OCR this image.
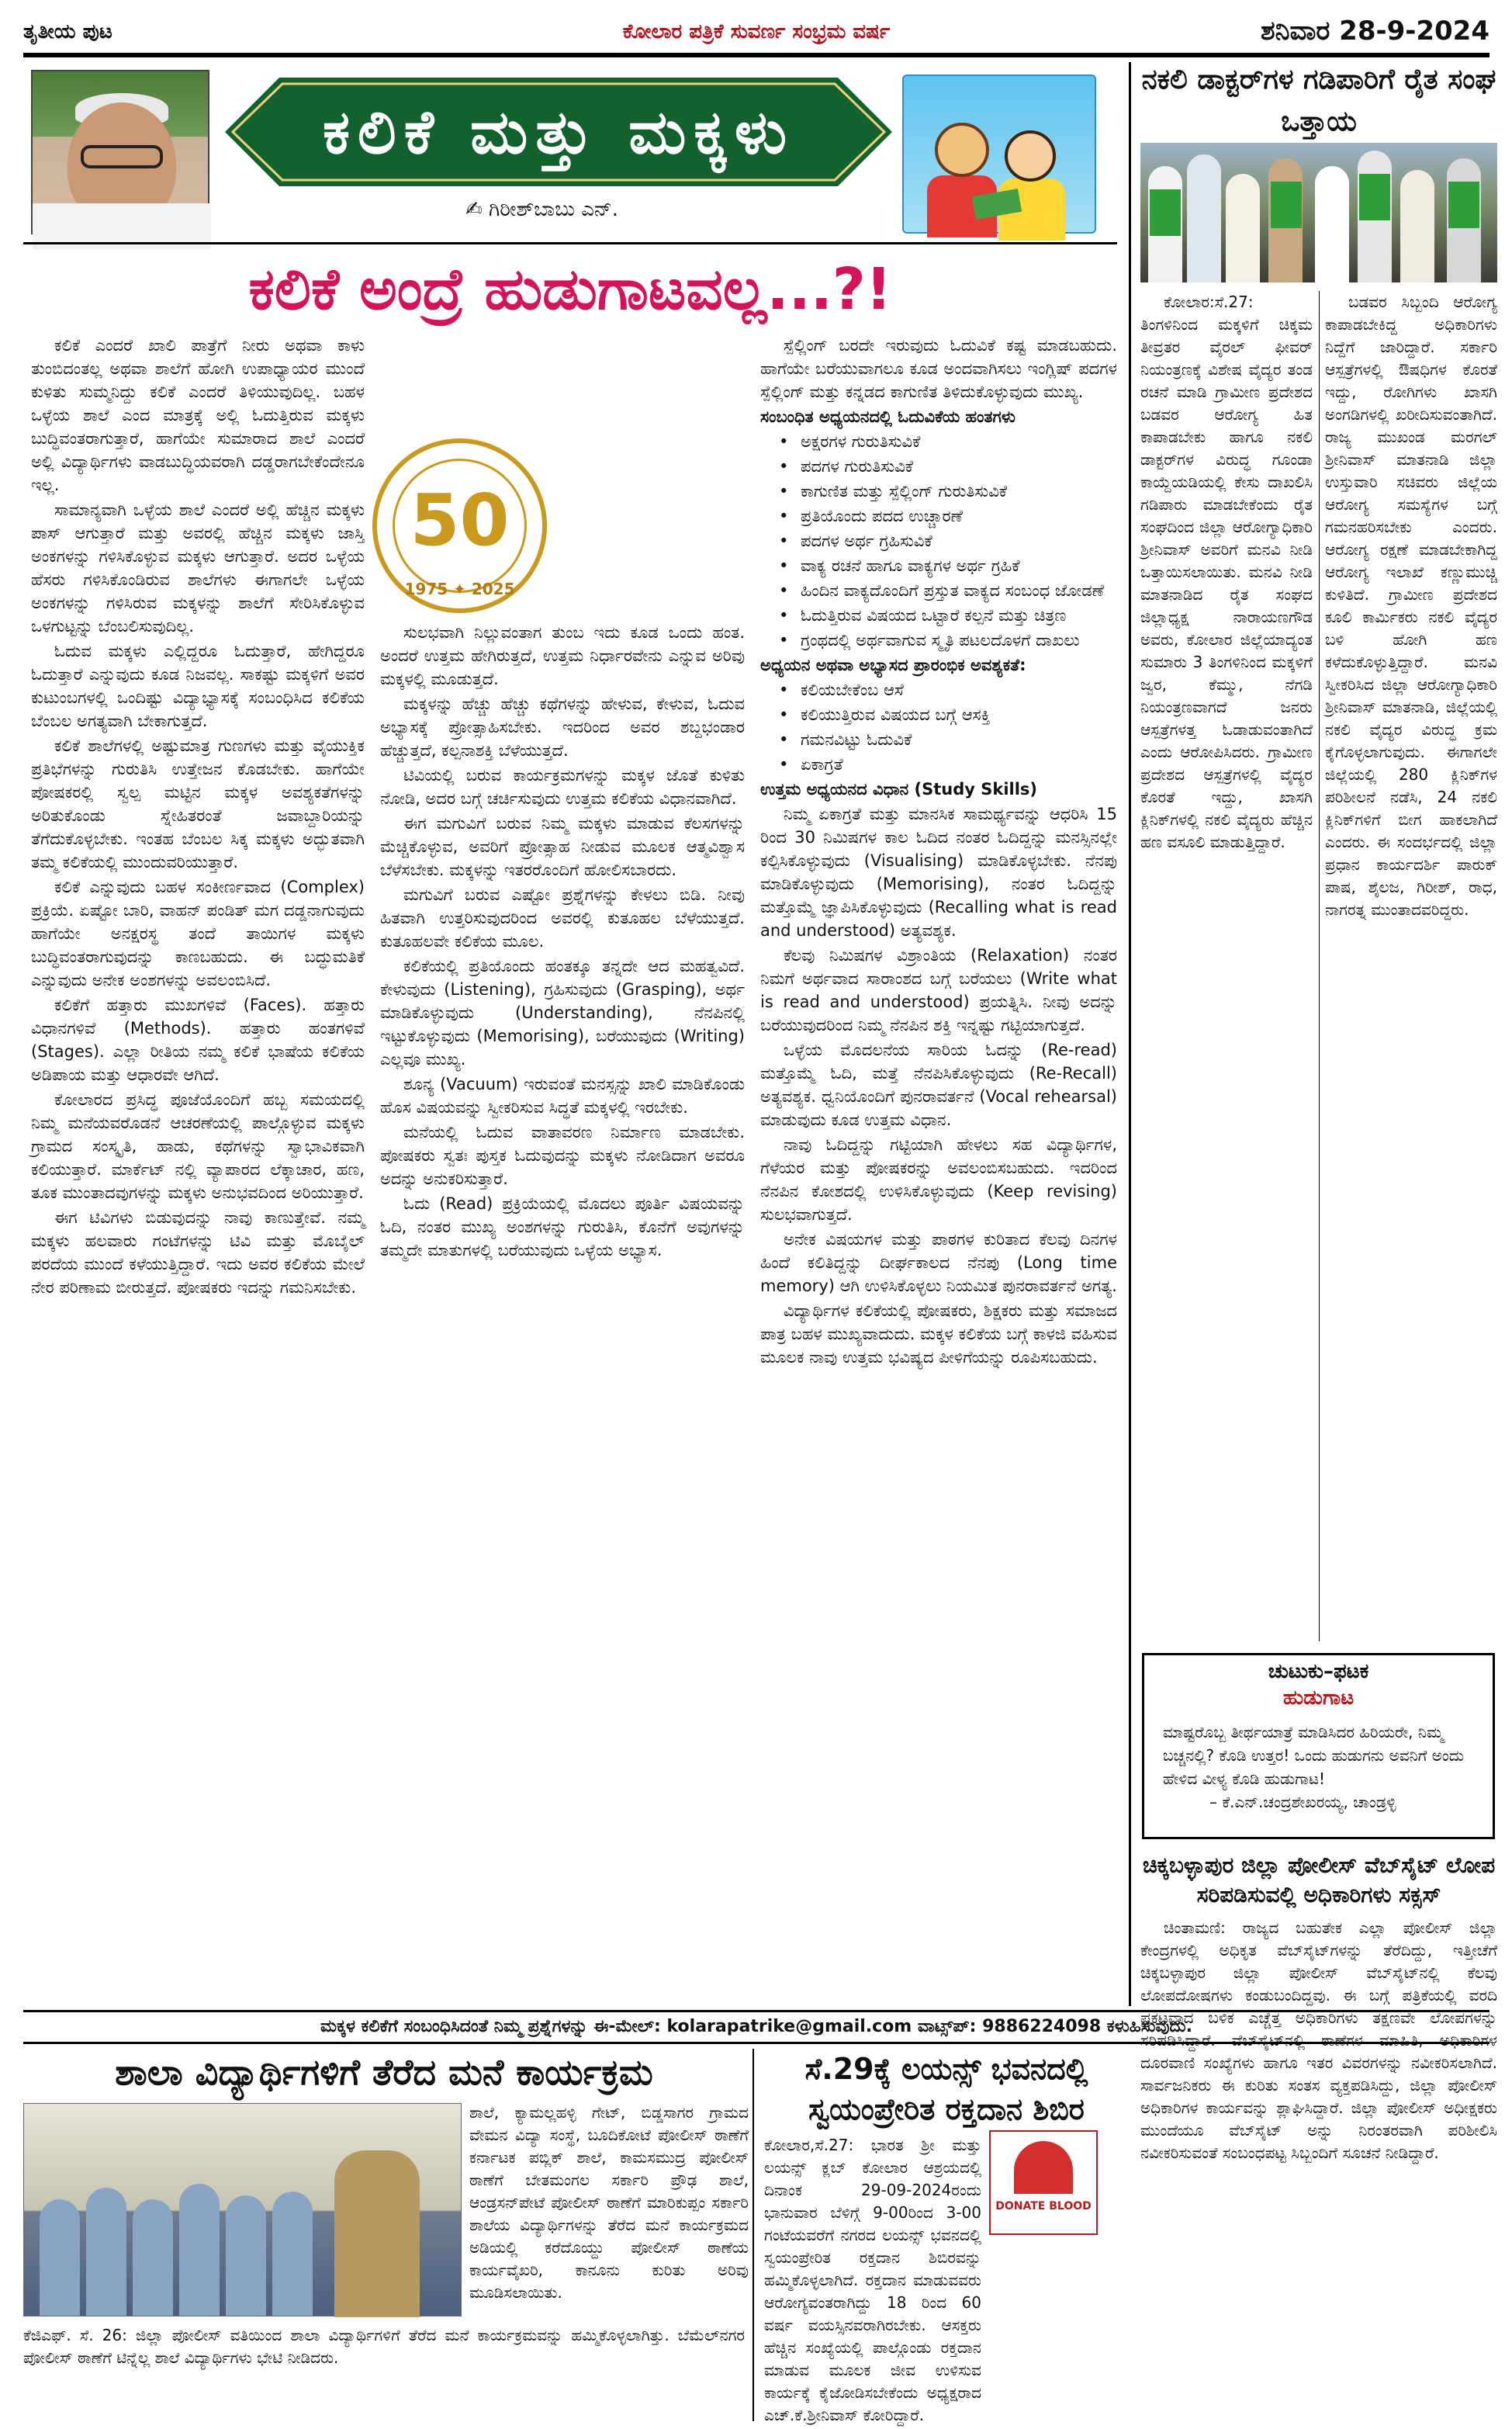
ತೃತೀಯ ಪುಟ	ಕೋಲಾರ ಪತ್ರಿಕೆ ಸುವರ್ಣ ಸಂಭ್ರಮ ವರ್ಷ	ಶನಿವಾರ 28-9-2024
ಕಲಿಕೆ ಮತ್ತು ಮಕ್ಕಳು
✍ ಗಿರೀಶ್‌ಬಾಬು ಎನ್.
ಕಲಿಕೆ ಅಂದ್ರೆ ಹುಡುಗಾಟವಲ್ಲ...?!

ಕಲಿಕೆ ಎಂದರೆ ಖಾಲಿ ಪಾತ್ರೆಗೆ ನೀರು ಅಥವಾ ಕಾಳು ತುಂಬಿದಂತಲ್ಲ ಅಥವಾ ಶಾಲೆಗೆ ಹೋಗಿ ಉಪಾಧ್ಯಾಯರ ಮುಂದೆ ಕುಳಿತು ಸುಮ್ಮನಿದ್ದು ಕಲಿಕೆ ಎಂದರೆ ತಿಳಿಯುವುದಿಲ್ಲ. ಬಹಳ ಒಳ್ಳೆಯ ಶಾಲೆ ಎಂದ ಮಾತ್ರಕ್ಕೆ ಅಲ್ಲಿ ಓದುತ್ತಿರುವ ಮಕ್ಕಳು ಬುದ್ಧಿವಂತರಾಗುತ್ತಾರೆ, ಹಾಗೆಯೇ ಸುಮಾರಾದ ಶಾಲೆ ಎಂದರೆ ಅಲ್ಲಿ ವಿದ್ಯಾರ್ಥಿಗಳು ವಾಡಬುದ್ಧಿಯವರಾಗಿ ದಡ್ಡರಾಗಬೇಕೆಂದೇನೂ ಇಲ್ಲ.

ಸಾಮಾನ್ಯವಾಗಿ ಒಳ್ಳೆಯ ಶಾಲೆ ಎಂದರೆ ಅಲ್ಲಿ ಹೆಚ್ಚಿನ ಮಕ್ಕಳು ಪಾಸ್ ಆಗುತ್ತಾರೆ ಮತ್ತು ಅವರಲ್ಲಿ ಹೆಚ್ಚಿನ ಮಕ್ಕಳು ಜಾಸ್ತಿ ಅಂಕಗಳನ್ನು ಗಳಿಸಿಕೊಳ್ಳುವ ಮಕ್ಕಳು ಆಗುತ್ತಾರೆ. ಅದರ ಒಳ್ಳೆಯ ಹೆಸರು ಗಳಿಸಿಕೊಂಡಿರುವ ಶಾಲೆಗಳು ಈಗಾಗಲೇ ಒಳ್ಳೆಯ ಅಂಕಗಳನ್ನು ಗಳಿಸಿರುವ ಮಕ್ಕಳನ್ನು ಶಾಲೆಗೆ ಸೇರಿಸಿಕೊಳ್ಳುವ ಒಳಗುಟ್ಟನ್ನು ಬೆಂಬಲಿಸುವುದಿಲ್ಲ.

ಓದುವ ಮಕ್ಕಳು ಎಲ್ಲಿದ್ದರೂ ಓದುತ್ತಾರೆ, ಹೇಗಿದ್ದರೂ ಓದುತ್ತಾರೆ ಎನ್ನುವುದು ಕೂಡ ನಿಜವಲ್ಲ. ಸಾಕಷ್ಟು ಮಕ್ಕಳಿಗೆ ಅವರ ಕುಟುಂಬಗಳಲ್ಲಿ ಒಂದಿಷ್ಟು ವಿದ್ಯಾಭ್ಯಾಸಕ್ಕೆ ಸಂಬಂಧಿಸಿದ ಕಲಿಕೆಯ ಬೆಂಬಲ ಅಗತ್ಯವಾಗಿ ಬೇಕಾಗುತ್ತದೆ.

ಕಲಿಕೆ ಶಾಲೆಗಳಲ್ಲಿ ಅಷ್ಟುಮಾತ್ರ ಗುಣಗಳು ಮತ್ತು ವೈಯುಕ್ತಿಕ ಪ್ರತಿಭೆಗಳನ್ನು ಗುರುತಿಸಿ ಉತ್ತೇಜನ ಕೊಡಬೇಕು. ಹಾಗೆಯೇ ಪೋಷಕರಲ್ಲಿ ಸ್ವಲ್ಪ ಮಟ್ಟಿನ ಮಕ್ಕಳ ಅವಶ್ಯಕತೆಗಳನ್ನು ಅರಿತುಕೊಂಡು ಸ್ನೇಹಿತರಂತೆ ಜವಾಬ್ದಾರಿಯನ್ನು ತೆಗೆದುಕೊಳ್ಳಬೇಕು. ಇಂತಹ ಬೆಂಬಲ ಸಿಕ್ಕ ಮಕ್ಕಳು ಅದ್ಭುತವಾಗಿ ತಮ್ಮ ಕಲಿಕೆಯಲ್ಲಿ ಮುಂದುವರಿಯುತ್ತಾರೆ.

ಕಲಿಕೆ ಎನ್ನುವುದು ಬಹಳ ಸಂಕೀರ್ಣವಾದ (Complex) ಪ್ರಕ್ರಿಯೆ. ಏಷ್ಟೋ ಬಾರಿ, ವಾಹನ್ ಪಂಡಿತ್ ಮಗ ದಡ್ಡನಾಗುವುದು ಹಾಗೆಯೇ ಅನಕ್ಷರಸ್ಥ ತಂದೆ ತಾಯಿಗಳ ಮಕ್ಕಳು ಬುದ್ಧಿವಂತರಾಗುವುದನ್ನು ಕಾಣಬಹುದು. ಈ ಬದ್ಧುಮತಿಕೆ ಎನ್ನುವುದು ಅನೇಕ ಅಂಶಗಳನ್ನು ಅವಲಂಬಿಸಿದೆ.

ಕಲಿಕೆಗೆ ಹತ್ತಾರು ಮುಖಗಳಿವೆ (Faces). ಹತ್ತಾರು ವಿಧಾನಗಳಿವೆ (Methods). ಹತ್ತಾರು ಹಂತಗಳಿವೆ (Stages). ಎಲ್ಲಾ ರೀತಿಯ ನಮ್ಮ ಕಲಿಕೆ ಭಾಷೆಯ ಕಲಿಕೆಯ ಅಡಿಪಾಯ ಮತ್ತು ಆಧಾರವೇ ಆಗಿದೆ.

ಕೋಲಾರದ ಪ್ರಸಿದ್ಧ ಪೂಜೆಯೊಂದಿಗೆ ಹಬ್ಬ ಸಮಯದಲ್ಲಿ ನಿಮ್ಮ ಮನೆಯವರೊಡನೆ ಆಚರಣೆಯಲ್ಲಿ ಪಾಲ್ಗೊಳ್ಳುವ ಮಕ್ಕಳು ಗ್ರಾಮದ ಸಂಸ್ಕೃತಿ, ಹಾಡು, ಕಥೆಗಳನ್ನು ಸ್ವಾಭಾವಿಕವಾಗಿ ಕಲಿಯುತ್ತಾರೆ. ಮಾರ್ಕೆಟ್ ನಲ್ಲಿ ವ್ಯಾಪಾರದ ಲೆಕ್ಕಾಚಾರ, ಹಣ, ತೂಕ ಮುಂತಾದವುಗಳನ್ನು ಮಕ್ಕಳು ಅನುಭವದಿಂದ ಅರಿಯುತ್ತಾರೆ.

ಈಗ ಟಿವಿಗಳು ಬಿಡುವುದನ್ನು ನಾವು ಕಾಣುತ್ತೇವೆ. ನಮ್ಮ ಮಕ್ಕಳು ಹಲವಾರು ಗಂಟೆಗಳನ್ನು ಟಿವಿ ಮತ್ತು ಮೊಬೈಲ್ ಪರದೆಯ ಮುಂದೆ ಕಳೆಯುತ್ತಿದ್ದಾರೆ. ಇದು ಅವರ ಕಲಿಕೆಯ ಮೇಲೆ ನೇರ ಪರಿಣಾಮ ಬೀರುತ್ತದೆ. ಪೋಷಕರು ಇದನ್ನು ಗಮನಿಸಬೇಕು.

50
1975 ✦ 2025

ಸುಲಭವಾಗಿ ನಿಲ್ಲುವಂತಾಗ ತುಂಬ ಇದು ಕೂಡ ಒಂದು ಹಂತ. ಅಂದರೆ ಉತ್ತಮ ಹೇಗಿರುತ್ತದೆ, ಉತ್ತಮ ನಿರ್ಧಾರವೇನು ಎನ್ನುವ ಅರಿವು ಮಕ್ಕಳಲ್ಲಿ ಮೂಡುತ್ತದೆ.

ಮಕ್ಕಳನ್ನು ಹೆಚ್ಚು ಹೆಚ್ಚು ಕಥೆಗಳನ್ನು ಹೇಳುವ, ಕೇಳುವ, ಓದುವ ಅಭ್ಯಾಸಕ್ಕೆ ಪ್ರೋತ್ಸಾಹಿಸಬೇಕು. ಇದರಿಂದ ಅವರ ಶಬ್ದಭಂಡಾರ ಹೆಚ್ಚುತ್ತದೆ, ಕಲ್ಪನಾಶಕ್ತಿ ಬೆಳೆಯುತ್ತದೆ.

ಟಿವಿಯಲ್ಲಿ ಬರುವ ಕಾರ್ಯಕ್ರಮಗಳನ್ನು ಮಕ್ಕಳ ಜೊತೆ ಕುಳಿತು ನೋಡಿ, ಅದರ ಬಗ್ಗೆ ಚರ್ಚಿಸುವುದು ಉತ್ತಮ ಕಲಿಕೆಯ ವಿಧಾನವಾಗಿದೆ.

ಈಗ ಮಗುವಿಗೆ ಬರುವ ನಿಮ್ಮ ಮಕ್ಕಳು ಮಾಡುವ ಕೆಲಸಗಳನ್ನು ಮೆಚ್ಚಿಕೊಳ್ಳುವ, ಅವರಿಗೆ ಪ್ರೋತ್ಸಾಹ ನೀಡುವ ಮೂಲಕ ಆತ್ಮವಿಶ್ವಾಸ ಬೆಳೆಸಬೇಕು. ಮಕ್ಕಳನ್ನು ಇತರರೊಂದಿಗೆ ಹೋಲಿಸಬಾರದು.

ಮಗುವಿಗೆ ಬರುವ ಎಷ್ಟೋ ಪ್ರಶ್ನೆಗಳನ್ನು ಕೇಳಲು ಬಿಡಿ. ನೀವು ಹಿತವಾಗಿ ಉತ್ತರಿಸುವುದರಿಂದ ಅವರಲ್ಲಿ ಕುತೂಹಲ ಬೆಳೆಯುತ್ತದೆ. ಕುತೂಹಲವೇ ಕಲಿಕೆಯ ಮೂಲ.

ಕಲಿಕೆಯಲ್ಲಿ ಪ್ರತಿಯೊಂದು ಹಂತಕ್ಕೂ ತನ್ನದೇ ಆದ ಮಹತ್ವವಿದೆ. ಕೇಳುವುದು (Listening), ಗ್ರಹಿಸುವುದು (Grasping), ಅರ್ಥ ಮಾಡಿಕೊಳ್ಳುವುದು (Understanding), ನೆನಪಿನಲ್ಲಿ ಇಟ್ಟುಕೊಳ್ಳುವುದು (Memorising), ಬರೆಯುವುದು (Writing) ಎಲ್ಲವೂ ಮುಖ್ಯ.

ಶೂನ್ಯ (Vacuum) ಇರುವಂತೆ ಮನಸ್ಸನ್ನು ಖಾಲಿ ಮಾಡಿಕೊಂಡು ಹೊಸ ವಿಷಯವನ್ನು ಸ್ವೀಕರಿಸುವ ಸಿದ್ಧತೆ ಮಕ್ಕಳಲ್ಲಿ ಇರಬೇಕು.

ಮನೆಯಲ್ಲಿ ಓದುವ ವಾತಾವರಣ ನಿರ್ಮಾಣ ಮಾಡಬೇಕು. ಪೋಷಕರು ಸ್ವತಃ ಪುಸ್ತಕ ಓದುವುದನ್ನು ಮಕ್ಕಳು ನೋಡಿದಾಗ ಅವರೂ ಅದನ್ನು ಅನುಕರಿಸುತ್ತಾರೆ.

ಓದು (Read) ಪ್ರಕ್ರಿಯೆಯಲ್ಲಿ ಮೊದಲು ಪೂರ್ತಿ ವಿಷಯವನ್ನು ಓದಿ, ನಂತರ ಮುಖ್ಯ ಅಂಶಗಳನ್ನು ಗುರುತಿಸಿ, ಕೊನೆಗೆ ಅವುಗಳನ್ನು ತಮ್ಮದೇ ಮಾತುಗಳಲ್ಲಿ ಬರೆಯುವುದು ಒಳ್ಳೆಯ ಅಭ್ಯಾಸ.

ಸ್ಪೆಲ್ಲಿಂಗ್ ಬರದೇ ಇರುವುದು ಓದುವಿಕೆ ಕಷ್ಟ ಮಾಡಬಹುದು. ಹಾಗೆಯೇ ಬರೆಯುವಾಗಲೂ ಕೂಡ ಅಂದವಾಗಿಸಲು ಇಂಗ್ಲಿಷ್ ಪದಗಳ ಸ್ಪೆಲ್ಲಿಂಗ್ ಮತ್ತು ಕನ್ನಡದ ಕಾಗುಣಿತ ತಿಳಿದುಕೊಳ್ಳುವುದು ಮುಖ್ಯ.

ಸಂಬಂಧಿತ ಅಧ್ಯಯನದಲ್ಲಿ ಓದುವಿಕೆಯ ಹಂತಗಳು

• ಅಕ್ಷರಗಳ ಗುರುತಿಸುವಿಕೆ

• ಪದಗಳ ಗುರುತಿಸುವಿಕೆ

• ಕಾಗುಣಿತ ಮತ್ತು ಸ್ಪೆಲ್ಲಿಂಗ್ ಗುರುತಿಸುವಿಕೆ

• ಪ್ರತಿಯೊಂದು ಪದದ ಉಚ್ಚಾರಣೆ

• ಪದಗಳ ಅರ್ಥ ಗ್ರಹಿಸುವಿಕೆ

• ವಾಕ್ಯ ರಚನೆ ಹಾಗೂ ವಾಕ್ಯಗಳ ಅರ್ಥ ಗ್ರಹಿಕೆ

• ಹಿಂದಿನ ವಾಕ್ಯದೊಂದಿಗೆ ಪ್ರಸ್ತುತ ವಾಕ್ಯದ ಸಂಬಂಧ ಜೋಡಣೆ

• ಓದುತ್ತಿರುವ ವಿಷಯದ ಒಟ್ಟಾರೆ ಕಲ್ಪನೆ ಮತ್ತು ಚಿತ್ರಣ

• ಗ್ರಂಥದಲ್ಲಿ ಅರ್ಥವಾಗುವ ಸ್ಮೃತಿ ಪಟಲದೊಳಗೆ ದಾಖಲು

ಅಧ್ಯಯನ ಅಥವಾ ಅಭ್ಯಾಸದ ಪ್ರಾರಂಭಿಕ ಅವಶ್ಯಕತೆ:

• ಕಲಿಯಬೇಕೆಂಬ ಆಸೆ

• ಕಲಿಯುತ್ತಿರುವ ವಿಷಯದ ಬಗ್ಗೆ ಆಸಕ್ತಿ

• ಗಮನವಿಟ್ಟು ಓದುವಿಕೆ

• ಏಕಾಗ್ರತೆ

ಉತ್ತಮ ಅಧ್ಯಯನದ ವಿಧಾನ (Study Skills)

ನಿಮ್ಮ ಏಕಾಗ್ರತೆ ಮತ್ತು ಮಾನಸಿಕ ಸಾಮರ್ಥ್ಯವನ್ನು ಆಧರಿಸಿ 15 ರಿಂದ 30 ನಿಮಿಷಗಳ ಕಾಲ ಓದಿದ ನಂತರ ಓದಿದ್ದನ್ನು ಮನಸ್ಸಿನಲ್ಲೇ ಕಲ್ಪಿಸಿಕೊಳ್ಳುವುದು (Visualising) ಮಾಡಿಕೊಳ್ಳಬೇಕು. ನೆನಪು ಮಾಡಿಕೊಳ್ಳುವುದು (Memorising), ನಂತರ ಓದಿದ್ದನ್ನು ಮತ್ತೊಮ್ಮೆ ಜ್ಞಾಪಿಸಿಕೊಳ್ಳುವುದು (Recalling what is read and understood) ಅತ್ಯವಶ್ಯಕ.

ಕೆಲವು ನಿಮಿಷಗಳ ವಿಶ್ರಾಂತಿಯ (Relaxation) ನಂತರ ನಿಮಗೆ ಅರ್ಥವಾದ ಸಾರಾಂಶದ ಬಗ್ಗೆ ಬರೆಯಲು (Write what is read and understood) ಪ್ರಯತ್ನಿಸಿ. ನೀವು ಅದನ್ನು ಬರೆಯುವುದರಿಂದ ನಿಮ್ಮ ನೆನಪಿನ ಶಕ್ತಿ ಇನ್ನಷ್ಟು ಗಟ್ಟಿಯಾಗುತ್ತದೆ.

ಒಳ್ಳೆಯ ಮೊದಲನೆಯ ಸಾರಿಯ ಓದನ್ನು (Re-read) ಮತ್ತೊಮ್ಮೆ ಓದಿ, ಮತ್ತೆ ನೆನಪಿಸಿಕೊಳ್ಳುವುದು (Re-Recall) ಅತ್ಯವಶ್ಯಕ. ಧ್ವನಿಯೊಂದಿಗೆ ಪುನರಾವರ್ತನೆ (Vocal rehearsal) ಮಾಡುವುದು ಕೂಡ ಉತ್ತಮ ವಿಧಾನ.

ನಾವು ಓದಿದ್ದನ್ನು ಗಟ್ಟಿಯಾಗಿ ಹೇಳಲು ಸಹ ವಿದ್ಯಾರ್ಥಿಗಳ, ಗೆಳೆಯರ ಮತ್ತು ಪೋಷಕರನ್ನು ಅವಲಂಬಿಸಬಹುದು. ಇದರಿಂದ ನೆನಪಿನ ಕೋಶದಲ್ಲಿ ಉಳಿಸಿಕೊಳ್ಳುವುದು (Keep revising) ಸುಲಭವಾಗುತ್ತದೆ.

ಅನೇಕ ವಿಷಯಗಳ ಮತ್ತು ಪಾಠಗಳ ಕುರಿತಾದ ಕೆಲವು ದಿನಗಳ ಹಿಂದೆ ಕಲಿತಿದ್ದನ್ನು ದೀರ್ಘಕಾಲದ ನೆನಪು (Long time memory) ಆಗಿ ಉಳಿಸಿಕೊಳ್ಳಲು ನಿಯಮಿತ ಪುನರಾವರ್ತನೆ ಅಗತ್ಯ.

ವಿದ್ಯಾರ್ಥಿಗಳ ಕಲಿಕೆಯಲ್ಲಿ ಪೋಷಕರು, ಶಿಕ್ಷಕರು ಮತ್ತು ಸಮಾಜದ ಪಾತ್ರ ಬಹಳ ಮುಖ್ಯವಾದುದು. ಮಕ್ಕಳ ಕಲಿಕೆಯ ಬಗ್ಗೆ ಕಾಳಜಿ ವಹಿಸುವ ಮೂಲಕ ನಾವು ಉತ್ತಮ ಭವಿಷ್ಯದ ಪೀಳಿಗೆಯನ್ನು ರೂಪಿಸಬಹುದು.

ನಕಲಿ ಡಾಕ್ಟರ್‌ಗಳ ಗಡಿಪಾರಿಗೆ ರೈತ ಸಂಘ ಒತ್ತಾಯ

ಕೋಲಾರ:ಸೆ.27: ತಿಂಗಳಿನಿಂದ ಮಕ್ಕಳಿಗೆ ಚಿಕ್ಕಮ ತೀವ್ರತರ ವೈರಲ್ ಫೀವರ್ ನಿಯಂತ್ರಣಕ್ಕೆ ವಿಶೇಷ ವೈದ್ಯರ ತಂಡ ರಚನೆ ಮಾಡಿ ಗ್ರಾಮೀಣ ಪ್ರದೇಶದ ಬಡವರ ಆರೋಗ್ಯ ಹಿತ ಕಾಪಾಡಬೇಕು ಹಾಗೂ ನಕಲಿ ಡಾಕ್ಟರ್‌ಗಳ ವಿರುದ್ಧ ಗೂಂಡಾ ಕಾಯ್ದೆಯಡಿಯಲ್ಲಿ ಕೇಸು ದಾಖಲಿಸಿ ಗಡಿಪಾರು ಮಾಡಬೇಕೆಂದು ರೈತ ಸಂಘದಿಂದ ಜಿಲ್ಲಾ ಆರೋಗ್ಯಾಧಿಕಾರಿ ಶ್ರೀನಿವಾಸ್ ಅವರಿಗೆ ಮನವಿ ನೀಡಿ ಒತ್ತಾಯಿಸಲಾಯಿತು. ಮನವಿ ನೀಡಿ ಮಾತನಾಡಿದ ರೈತ ಸಂಘದ ಜಿಲ್ಲಾಧ್ಯಕ್ಷ ನಾರಾಯಣಗೌಡ ಅವರು, ಕೋಲಾರ ಜಿಲ್ಲೆಯಾದ್ಯಂತ ಸುಮಾರು 3 ತಿಂಗಳಿನಿಂದ ಮಕ್ಕಳಿಗೆ ಜ್ವರ, ಕೆಮ್ಮು, ನೆಗಡಿ ನಿಯಂತ್ರಣವಾಗದೆ ಜನರು ಆಸ್ಪತ್ರೆಗಳತ್ತ ಓಡಾಡುವಂತಾಗಿದೆ ಎಂದು ಆರೋಪಿಸಿದರು. ಗ್ರಾಮೀಣ ಪ್ರದೇಶದ ಆಸ್ಪತ್ರೆಗಳಲ್ಲಿ ವೈದ್ಯರ ಕೊರತೆ ಇದ್ದು, ಖಾಸಗಿ ಕ್ಲಿನಿಕ್‌ಗಳಲ್ಲಿ ನಕಲಿ ವೈದ್ಯರು ಹೆಚ್ಚಿನ ಹಣ ವಸೂಲಿ ಮಾಡುತ್ತಿದ್ದಾರೆ.

ಬಡವರ ಸಿಬ್ಬಂದಿ ಆರೋಗ್ಯ ಕಾಪಾಡಬೇಕಿದ್ದ ಅಧಿಕಾರಿಗಳು ನಿದ್ದೆಗೆ ಜಾರಿದ್ದಾರೆ. ಸರ್ಕಾರಿ ಆಸ್ಪತ್ರೆಗಳಲ್ಲಿ ಔಷಧಿಗಳ ಕೊರತೆ ಇದ್ದು, ರೋಗಿಗಳು ಖಾಸಗಿ ಅಂಗಡಿಗಳಲ್ಲಿ ಖರೀದಿಸುವಂತಾಗಿದೆ. ರಾಜ್ಯ ಮುಖಂಡ ಮರಗಲ್ ಶ್ರೀನಿವಾಸ್ ಮಾತನಾಡಿ ಜಿಲ್ಲಾ ಉಸ್ತುವಾರಿ ಸಚಿವರು ಜಿಲ್ಲೆಯ ಆರೋಗ್ಯ ಸಮಸ್ಯೆಗಳ ಬಗ್ಗೆ ಗಮನಹರಿಸಬೇಕು ಎಂದರು. ಆರೋಗ್ಯ ರಕ್ಷಣೆ ಮಾಡಬೇಕಾಗಿದ್ದ ಆರೋಗ್ಯ ಇಲಾಖೆ ಕಣ್ಣುಮುಚ್ಚಿ ಕುಳಿತಿದೆ. ಗ್ರಾಮೀಣ ಪ್ರದೇಶದ ಕೂಲಿ ಕಾರ್ಮಿಕರು ನಕಲಿ ವೈದ್ಯರ ಬಳಿ ಹೋಗಿ ಹಣ ಕಳೆದುಕೊಳ್ಳುತ್ತಿದ್ದಾರೆ. ಮನವಿ ಸ್ವೀಕರಿಸಿದ ಜಿಲ್ಲಾ ಆರೋಗ್ಯಾಧಿಕಾರಿ ಶ್ರೀನಿವಾಸ್ ಮಾತನಾಡಿ, ಜಿಲ್ಲೆಯಲ್ಲಿ ನಕಲಿ ವೈದ್ಯರ ವಿರುದ್ಧ ಕ್ರಮ ಕೈಗೊಳ್ಳಲಾಗುವುದು. ಈಗಾಗಲೇ ಜಿಲ್ಲೆಯಲ್ಲಿ 280 ಕ್ಲಿನಿಕ್‌ಗಳ ಪರಿಶೀಲನೆ ನಡೆಸಿ, 24 ನಕಲಿ ಕ್ಲಿನಿಕ್‌ಗಳಿಗೆ ಬೀಗ ಹಾಕಲಾಗಿದೆ ಎಂದರು. ಈ ಸಂದರ್ಭದಲ್ಲಿ ಜಿಲ್ಲಾ ಪ್ರಧಾನ ಕಾರ್ಯದರ್ಶಿ ಪಾರುಕ್ ಪಾಷ, ಶೈಲಜ, ಗಿರೀಶ್, ರಾಧ, ನಾಗರತ್ನ ಮುಂತಾದವರಿದ್ದರು.

ಚುಟುಕು–ಫಟಕ
ಹುಡುಗಾಟ
ಮಾಷ್ಟರೊಬ್ಬ ತೀರ್ಥಯಾತ್ರೆ ಮಾಡಿಸಿದರ ಹಿರಿಯರೇ, ನಿಮ್ಮ ಬಚ್ಚನಲ್ಲಿ? ಕೊಡಿ ಉತ್ತರ! ಒಂದು ಹುಡುಗನು ಅವನಿಗೆ ಅಂದು ಹೇಳಿದ ವೀಳ್ಯ ಕೊಡಿ ಹುಡುಗಾಟ!
– ಕೆ.ಎನ್.ಚಂದ್ರಶೇಖರಯ್ಯ, ಚಾಂಡ್ರಳ್ಳಿ
ಚಿಕ್ಕಬಳ್ಳಾಪುರ ಜಿಲ್ಲಾ ಪೋಲೀಸ್ ವೆಬ್‌ಸೈಟ್ ಲೋಪ ಸರಿಪಡಿಸುವಲ್ಲಿ ಅಧಿಕಾರಿಗಳು ಸಕ್ಸಸ್

ಚಿಂತಾಮಣಿ: ರಾಜ್ಯದ ಬಹುತೇಕ ಎಲ್ಲಾ ಪೋಲೀಸ್ ಜಿಲ್ಲಾ ಕೇಂದ್ರಗಳಲ್ಲಿ ಅಧಿಕೃತ ವೆಬ್‌ಸೈಟ್‌ಗಳನ್ನು ತೆರೆದಿದ್ದು, ಇತ್ತೀಚೆಗೆ ಚಿಕ್ಕಬಳ್ಳಾಪುರ ಜಿಲ್ಲಾ ಪೋಲೀಸ್ ವೆಬ್‌ಸೈಟ್‌ನಲ್ಲಿ ಕೆಲವು ಲೋಪದೋಷಗಳು ಕಂಡುಬಂದಿದ್ದವು. ಈ ಬಗ್ಗೆ ಪತ್ರಿಕೆಯಲ್ಲಿ ವರದಿ ಪ್ರಕಟವಾದ ಬಳಿಕ ಎಚ್ಚೆತ್ತ ಅಧಿಕಾರಿಗಳು ತಕ್ಷಣವೇ ಲೋಪಗಳನ್ನು ಸರಿಪಡಿಸಿದ್ದಾರೆ. ವೆಬ್‌ಸೈಟ್‌ನಲ್ಲಿ ಠಾಣೆಗಳ ಮಾಹಿತಿ, ಅಧಿಕಾರಿಗಳ ದೂರವಾಣಿ ಸಂಖ್ಯೆಗಳು ಹಾಗೂ ಇತರ ವಿವರಗಳನ್ನು ನವೀಕರಿಸಲಾಗಿದೆ. ಸಾರ್ವಜನಿಕರು ಈ ಕುರಿತು ಸಂತಸ ವ್ಯಕ್ತಪಡಿಸಿದ್ದು, ಜಿಲ್ಲಾ ಪೋಲೀಸ್ ಅಧಿಕಾರಿಗಳ ಕಾರ್ಯವನ್ನು ಶ್ಲಾಘಿಸಿದ್ದಾರೆ. ಜಿಲ್ಲಾ ಪೋಲೀಸ್ ಅಧೀಕ್ಷಕರು ಮುಂದೆಯೂ ವೆಬ್‌ಸೈಟ್ ಅನ್ನು ನಿರಂತರವಾಗಿ ಪರಿಶೀಲಿಸಿ ನವೀಕರಿಸುವಂತೆ ಸಂಬಂಧಪಟ್ಟ ಸಿಬ್ಬಂದಿಗೆ ಸೂಚನೆ ನೀಡಿದ್ದಾರೆ.

ಮಕ್ಕಳ ಕಲಿಕೆಗೆ ಸಂಬಂಧಿಸಿದಂತೆ ನಿಮ್ಮ ಪ್ರಶ್ನೆಗಳನ್ನು ಈ-ಮೇಲ್: kolarapatrike@gmail.com ವಾಟ್ಸ್‌ಪ್: 9886224098 ಕಳುಹಿಸುವುದು.
ಶಾಲಾ ವಿದ್ಯಾರ್ಥಿಗಳಿಗೆ ತೆರೆದ ಮನೆ ಕಾರ್ಯಕ್ರಮ
ಶಾಲೆ, ಕ್ಯಾಮಲ್ಲಹಳ್ಳಿ ಗೇಟ್, ಬಿಡ್ಡಸಾಗರ ಗ್ರಾಮದ ವೇಮನ ವಿದ್ಯಾ ಸಂಸ್ಥೆ, ಬೂದಿಕೋಟೆ ಪೋಲೀಸ್ ಠಾಣೆಗೆ ಕರ್ನಾಟಕ ಪಬ್ಲಿಕ್ ಶಾಲೆ, ಕಾಮಸಮುದ್ರ ಪೋಲೀಸ್ ಠಾಣೆಗೆ ಬೇತಮಂಗಲ ಸರ್ಕಾರಿ ಪ್ರೌಢ ಶಾಲೆ, ಆಂಡ್ರಸನ್‌ಪೇಟೆ ಪೋಲೀಸ್ ಠಾಣೆಗೆ ಮಾರಿಕುಪ್ಪಂ ಸರ್ಕಾರಿ ಶಾಲೆಯ ವಿದ್ಯಾರ್ಥಿಗಳನ್ನು ತೆರೆದ ಮನೆ ಕಾರ್ಯಕ್ರಮದ ಅಡಿಯಲ್ಲಿ ಕರೆದೊಯ್ದು ಪೋಲೀಸ್ ಠಾಣೆಯ ಕಾರ್ಯವೈಖರಿ, ಕಾನೂನು ಕುರಿತು ಅರಿವು ಮೂಡಿಸಲಾಯಿತು.
ಕೆಜಿಎಫ್. ಸೆ. 26: ಜಿಲ್ಲಾ ಪೋಲೀಸ್ ವತಿಯಿಂದ ಶಾಲಾ ವಿದ್ಯಾರ್ಥಿಗಳಿಗೆ ತೆರೆದ ಮನೆ ಕಾರ್ಯಕ್ರಮವನ್ನು ಹಮ್ಮಿಕೊಳ್ಳಲಾಗಿತ್ತು. ಬೆಮೆಲ್‌ನಗರ ಪೋಲೀಸ್ ಠಾಣೆಗೆ ಟಿನ್ನೆಲ್ಲ ಶಾಲೆ ವಿದ್ಯಾರ್ಥಿಗಳು ಭೇಟಿ ನೀಡಿದರು.
ಸೆ.29ಕ್ಕೆ ಲಯನ್ಸ್ ಭವನದಲ್ಲಿ ಸ್ವಯಂಪ್ರೇರಿತ ರಕ್ತದಾನ ಶಿಬಿರ
ಕೋಲಾರ,ಸೆ.27: ಭಾರತ ಶ್ರೀ ಮತ್ತು ಲಯನ್ಸ್ ಕ್ಲಬ್ ಕೋಲಾರ ಆಶ್ರಯದಲ್ಲಿ ದಿನಾಂಕ 29-09-2024ರಂದು ಭಾನುವಾರ ಬೆಳಿಗ್ಗೆ 9-00ರಿಂದ 3-00 ಗಂಟೆಯವರೆಗೆ ನಗರದ ಲಯನ್ಸ್ ಭವನದಲ್ಲಿ ಸ್ವಯಂಪ್ರೇರಿತ ರಕ್ತದಾನ ಶಿಬಿರವನ್ನು ಹಮ್ಮಿಕೊಳ್ಳಲಾಗಿದೆ. ರಕ್ತದಾನ ಮಾಡುವವರು ಆರೋಗ್ಯವಂತರಾಗಿದ್ದು 18 ರಿಂದ 60 ವರ್ಷ ವಯಸ್ಸಿನವರಾಗಿರಬೇಕು. ಆಸಕ್ತರು ಹೆಚ್ಚಿನ ಸಂಖ್ಯೆಯಲ್ಲಿ ಪಾಲ್ಗೊಂಡು ರಕ್ತದಾನ ಮಾಡುವ ಮೂಲಕ ಜೀವ ಉಳಿಸುವ ಕಾರ್ಯಕ್ಕೆ ಕೈಜೋಡಿಸಬೇಕೆಂದು ಅಧ್ಯಕ್ಷರಾದ ಎಚ್.ಕೆ.ಶ್ರೀನಿವಾಸ್ ಕೋರಿದ್ದಾರೆ.
DONATE BLOOD
